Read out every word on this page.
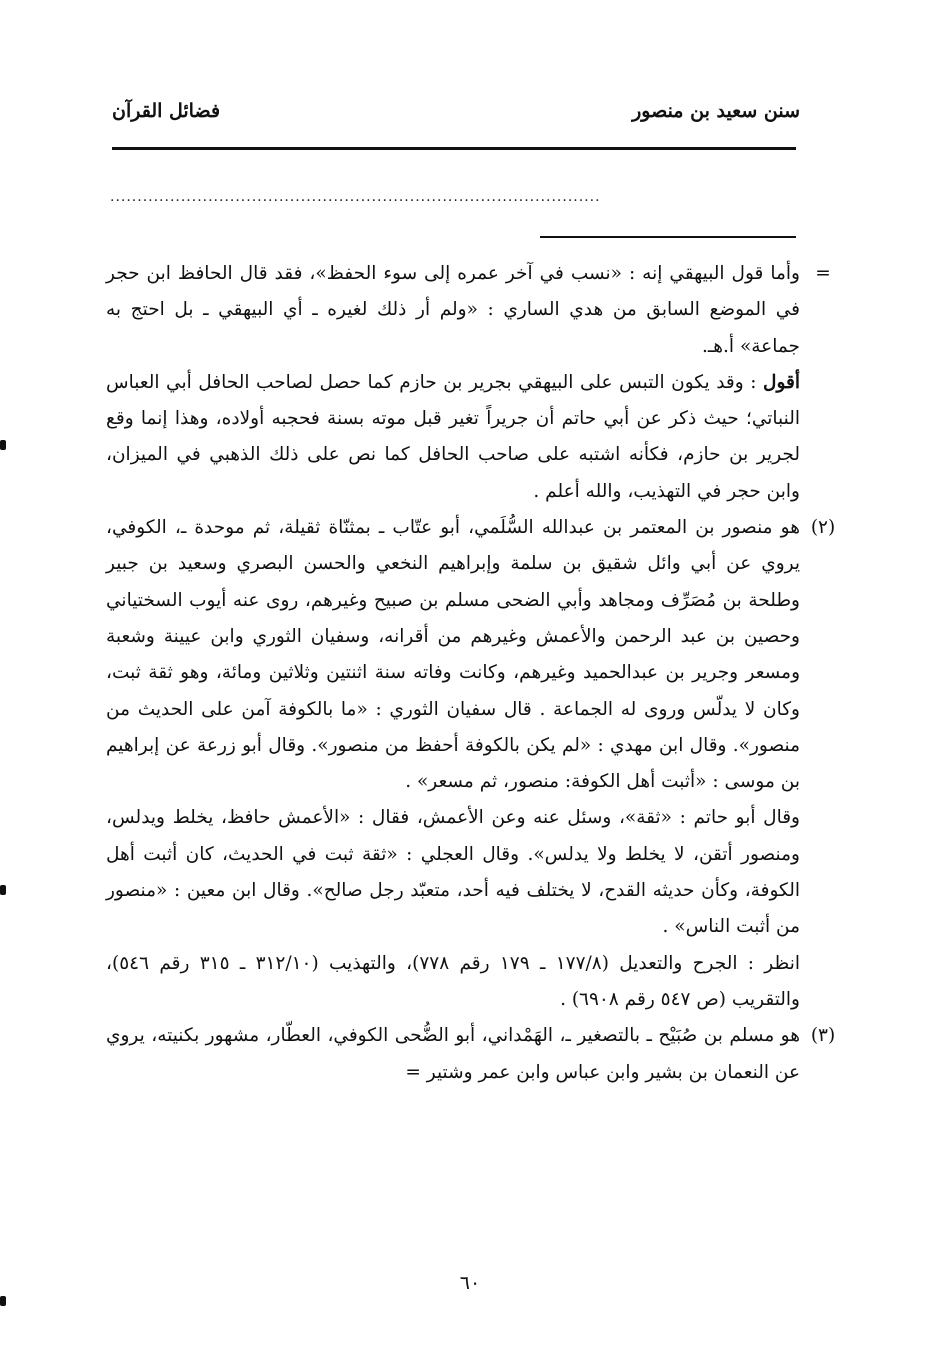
سنن سعيد بن منصور
فضائل القرآن
..........................................................................................
=

وأما قول البيهقي إنه : «نسب في آخر عمره إلى سوء الحفظ»، فقد قال الحافظ ابن حجر في الموضع السابق من هدي الساري : «ولم أر ذلك لغيره ـ أي البيهقي ـ بل احتج به جماعة» أ.هـ.

أقول : وقد يكون التبس على البيهقي بجرير بن حازم كما حصل لصاحب الحافل أبي العباس النباتي؛ حيث ذكر عن أبي حاتم أن جريراً تغير قبل موته بسنة فحجبه أولاده، وهذا إنما وقع لجرير بن حازم، فكأنه اشتبه على صاحب الحافل كما نص على ذلك الذهبي في الميزان، وابن حجر في التهذيب، والله أعلم .

(٢)

هو منصور بن المعتمر بن عبدالله السُّلَمي، أبو عتّاب ـ بمثنّاة ثقيلة، ثم موحدة ـ، الكوفي، يروي عن أبي وائل شقيق بن سلمة وإبراهيم النخعي والحسن البصري وسعيد بن جبير وطلحة بن مُصَرِّف ومجاهد وأبي الضحى مسلم بن صبيح وغيرهم، روى عنه أيوب السختياني وحصين بن عبد الرحمن والأعمش وغيرهم من أقرانه، وسفيان الثوري وابن عيينة وشعبة ومسعر وجرير بن عبدالحميد وغيرهم، وكانت وفاته سنة اثنتين وثلاثين ومائة، وهو ثقة ثبت، وكان لا يدلّس وروى له الجماعة . قال سفيان الثوري : «ما بالكوفة آمن على الحديث من منصور». وقال ابن مهدي : «لم يكن بالكوفة أحفظ من منصور». وقال أبو زرعة عن إبراهيم بن موسى : «أثبت أهل الكوفة: منصور، ثم مسعر» .

وقال أبو حاتم : «ثقة»، وسئل عنه وعن الأعمش، فقال : «الأعمش حافظ، يخلط ويدلس، ومنصور أتقن، لا يخلط ولا يدلس». وقال العجلي : «ثقة ثبت في الحديث، كان أثبت أهل الكوفة، وكأن حديثه القدح، لا يختلف فيه أحد، متعبّد رجل صالح». وقال ابن معين : «منصور من أثبت الناس» .

انظر : الجرح والتعديل (١٧٧/٨ ـ ١٧٩ رقم ٧٧٨)، والتهذيب (٣١٢/١٠ ـ ٣١٥ رقم ٥٤٦)، والتقريب (ص ٥٤٧ رقم ٦٩٠٨) .

(٣)

هو مسلم بن صُبَيْح ـ بالتصغير ـ، الهَمْداني، أبو الضُّحى الكوفي، العطّار، مشهور بكنيته، يروي عن النعمان بن بشير وابن عباس وابن عمر وشتير =

٦٠
